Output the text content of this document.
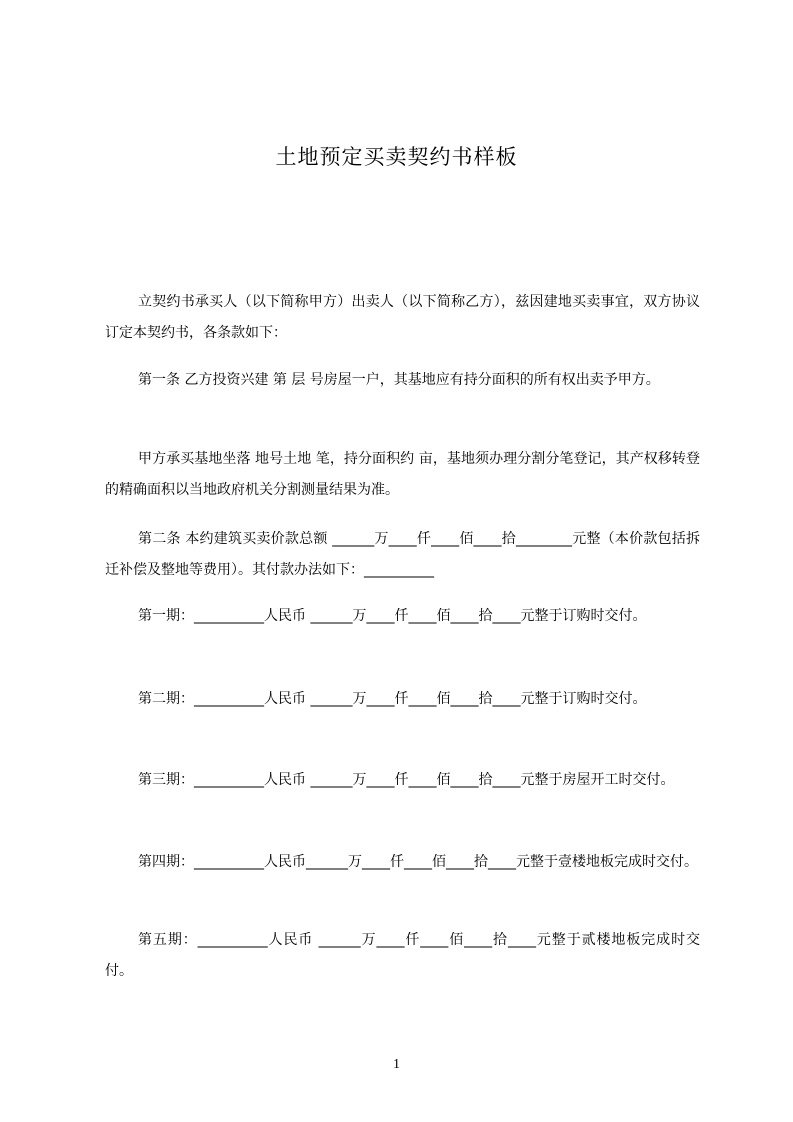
土地预定买卖契约书样板
立契约书承买人（以下简称甲方）出卖人（以下简称乙方），兹因建地买卖事宜，双方协议订定本契约书，各条款如下：
第一条 乙方投资兴建 第 层 号房屋一户，其基地应有持分面积的所有权出卖予甲方。
甲方承买基地坐落 地号土地 笔，持分面积约 亩，基地须办理分割分笔登记，其产权移转登的精确面积以当地政府机关分割测量结果为准。
第二条 本约建筑买卖价款总额 ______万____仟____佰____拾________元整（本价款包括拆迁补偿及整地等费用）。其付款办法如下：__________
第一期：__________人民币 ______万____仟____佰____拾____元整于订购时交付。
第二期：__________人民币 ______万____仟____佰____拾____元整于订购时交付。
第三期：__________人民币 ______万____仟____佰____拾____元整于房屋开工时交付。
第四期：__________人民币______万____仟____佰____拾____元整于壹楼地板完成时交付。
第五期：__________人民币 ______万____仟____佰____拾____元整于贰楼地板完成时交付。
1
